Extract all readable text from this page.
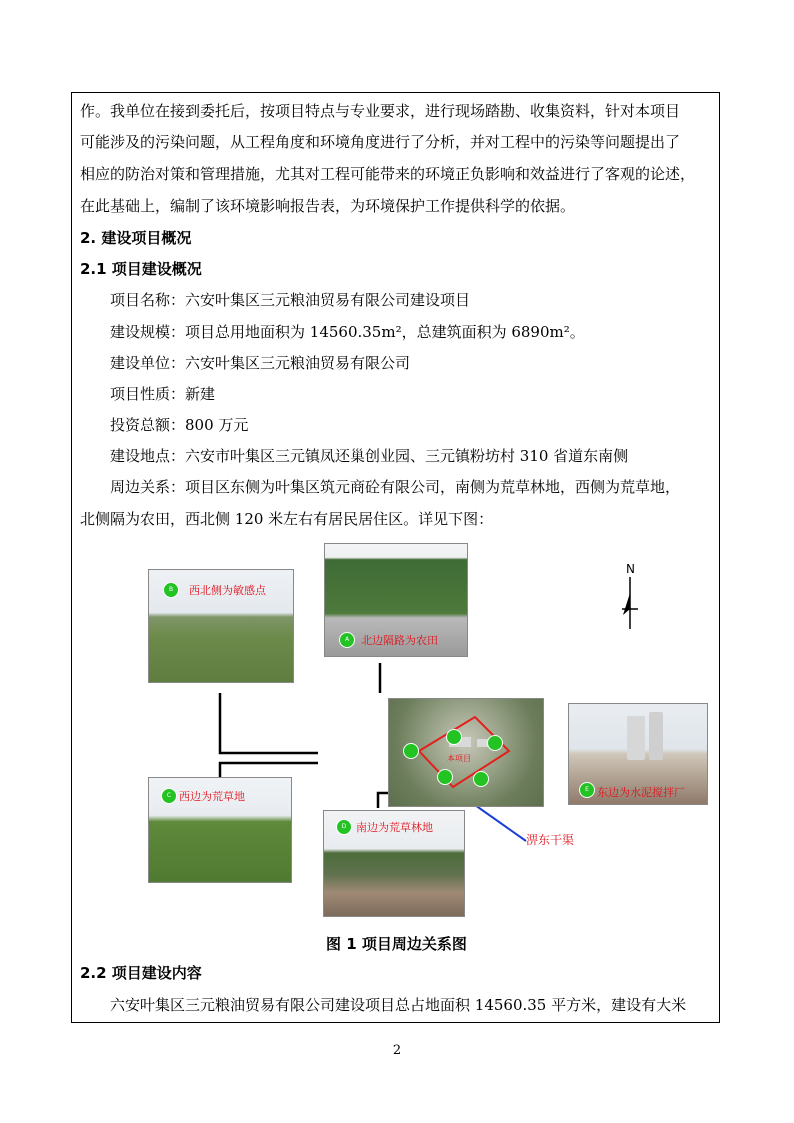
作。我单位在接到委托后，按项目特点与专业要求，进行现场踏勘、收集资料，针对本项目
可能涉及的污染问题，从工程角度和环境角度进行了分析，并对工程中的污染等问题提出了
相应的防治对策和管理措施，尤其对工程可能带来的环境正负影响和效益进行了客观的论述，
在此基础上，编制了该环境影响报告表，为环境保护工作提供科学的依据。
2. 建设项目概况
2.1 项目建设概况
项目名称：六安叶集区三元粮油贸易有限公司建设项目
建设规模：项目总用地面积为 14560.35m²，总建筑面积为 6890m²。
建设单位：六安叶集区三元粮油贸易有限公司
项目性质：新建
投资总额：800 万元
建设地点：六安市叶集区三元镇凤还巢创业园、三元镇粉坊村 310 省道东南侧
周边关系：项目区东侧为叶集区筑元商砼有限公司，南侧为荒草林地，西侧为荒草地，
北侧隔为农田，西北侧 120 米左右有居民居住区。详见下图：
N
B	西北侧为敏感点
A	北边隔路为农田
本项目
E 东边为水泥搅拌厂
C 西边为荒草地
D 南边为荒草林地
淠东干渠
图 1 项目周边关系图
2.2 项目建设内容
六安叶集区三元粮油贸易有限公司建设项目总占地面积 14560.35 平方米，建设有大米
2
